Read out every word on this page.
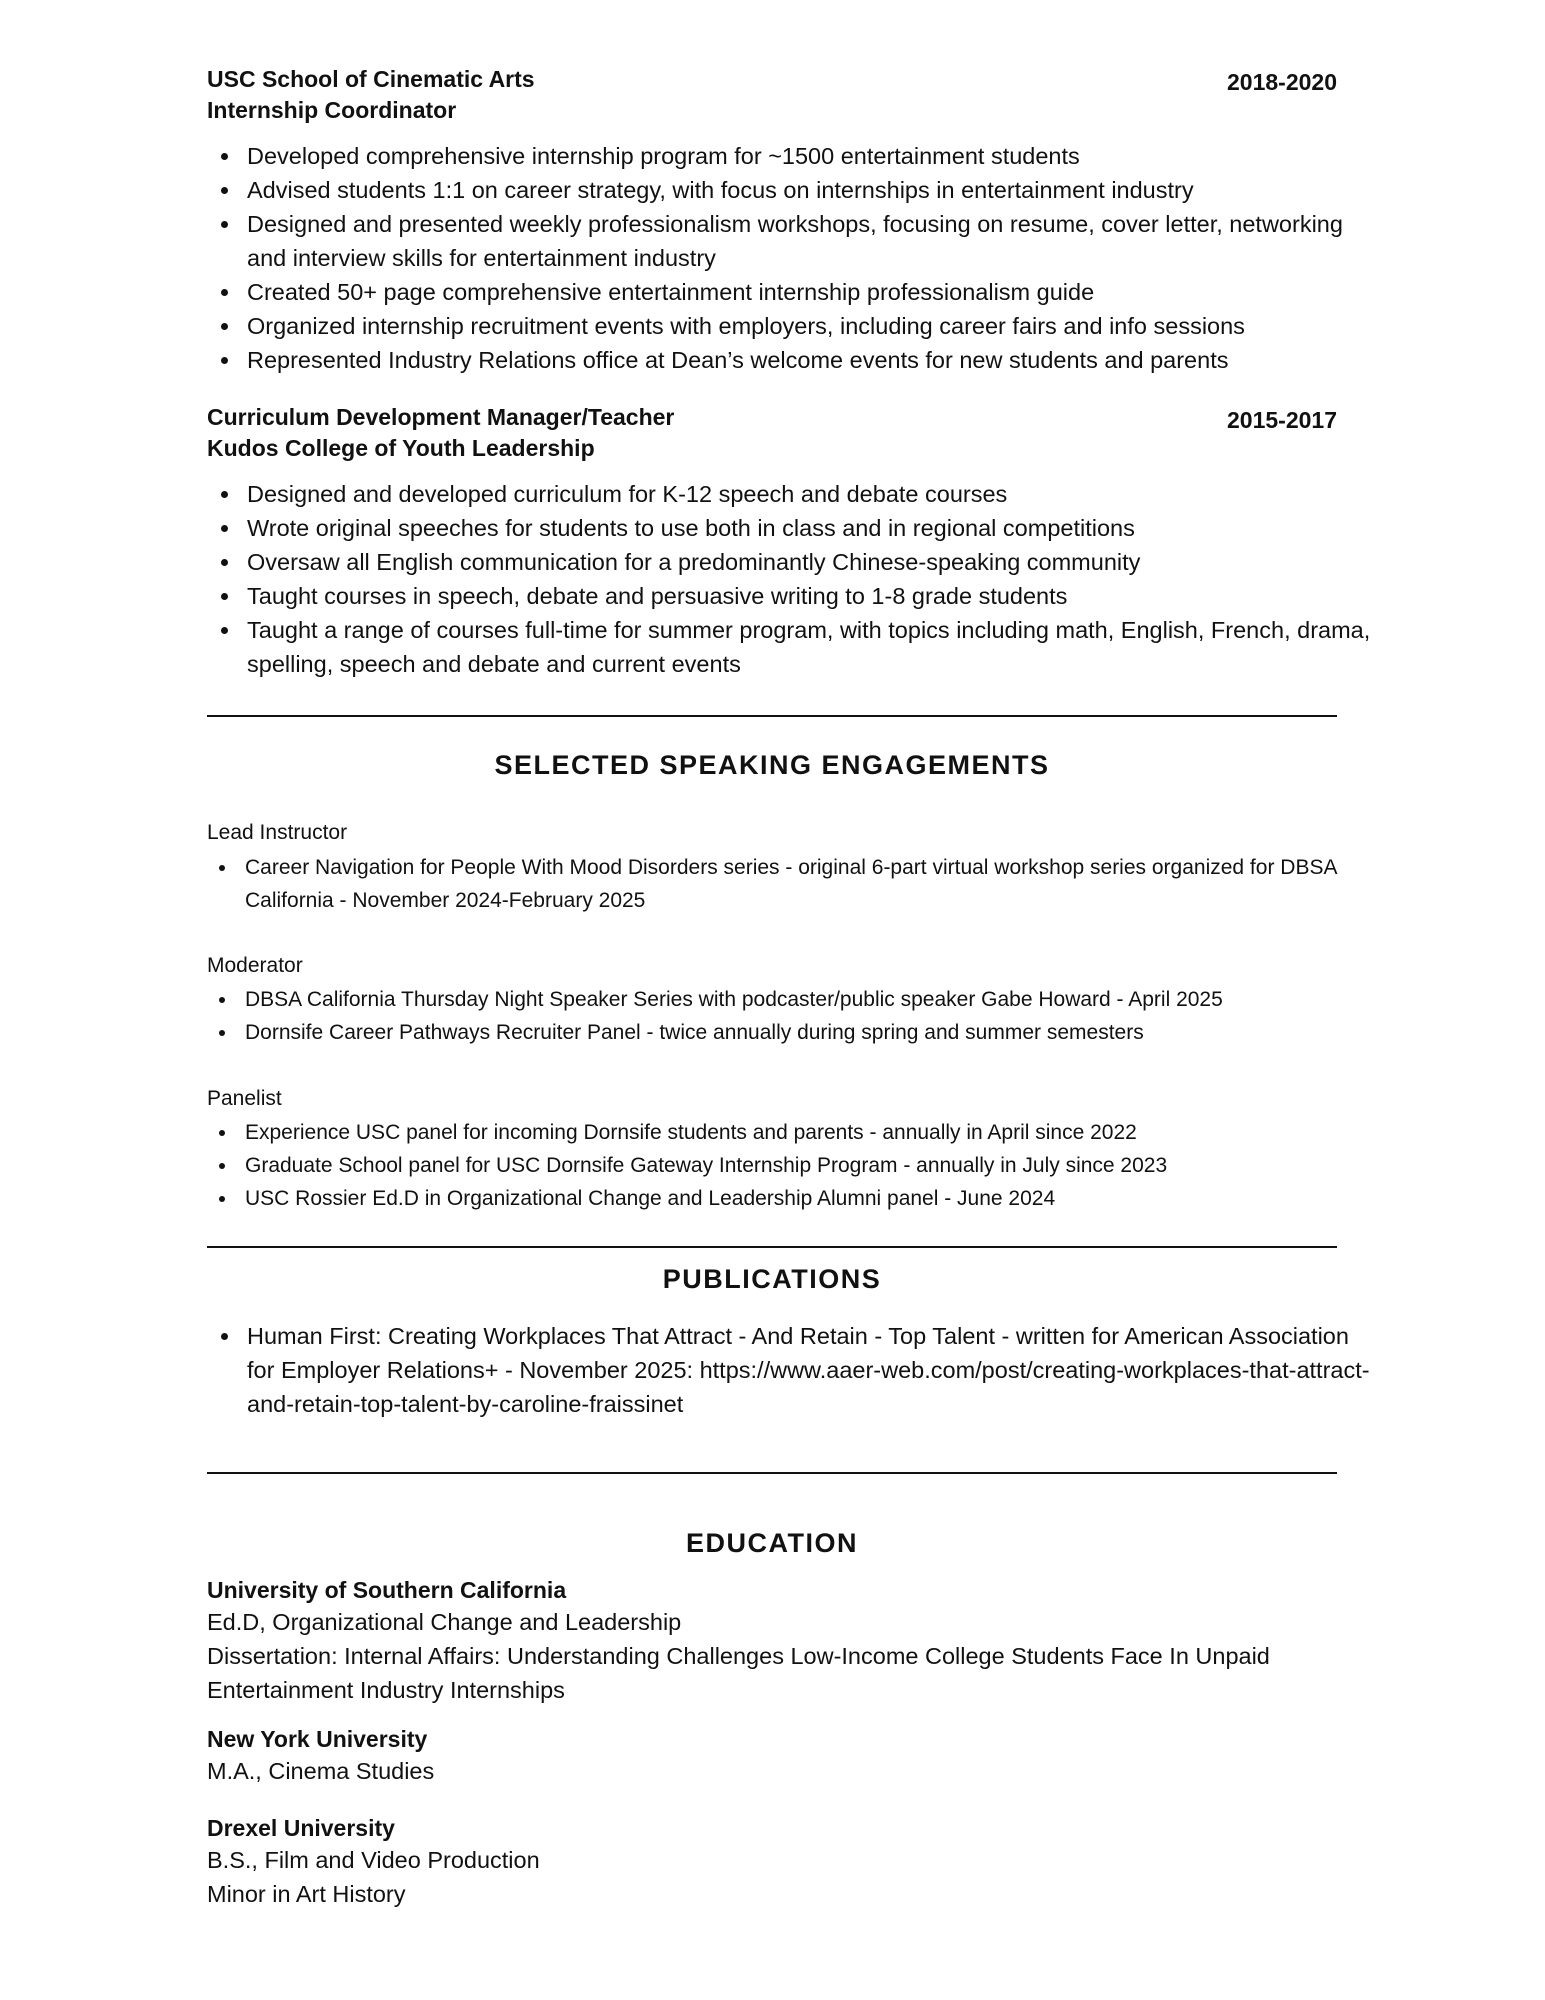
USC School of Cinematic Arts
Internship Coordinator
2018-2020
Developed comprehensive internship program for ~1500 entertainment students
Advised students 1:1 on career strategy, with focus on internships in entertainment industry
Designed and presented weekly professionalism workshops, focusing on resume, cover letter, networking and interview skills for entertainment industry
Created 50+ page comprehensive entertainment internship professionalism guide
Organized internship recruitment events with employers, including career fairs and info sessions
Represented Industry Relations office at Dean’s welcome events for new students and parents
Curriculum Development Manager/Teacher
Kudos College of Youth Leadership
2015-2017
Designed and developed curriculum for K-12 speech and debate courses
Wrote original speeches for students to use both in class and in regional competitions
Oversaw all English communication for a predominantly Chinese-speaking community
Taught courses in speech, debate and persuasive writing to 1-8 grade students
Taught a range of courses full-time for summer program, with topics including math, English, French, drama, spelling, speech and debate and current events
SELECTED SPEAKING ENGAGEMENTS
Lead Instructor
Career Navigation for People With Mood Disorders series - original 6-part virtual workshop series organized for DBSA California - November 2024-February 2025
Moderator
DBSA California Thursday Night Speaker Series with podcaster/public speaker Gabe Howard - April 2025
Dornsife Career Pathways Recruiter Panel - twice annually during spring and summer semesters
Panelist
Experience USC panel for incoming Dornsife students and parents - annually in April since 2022
Graduate School panel for USC Dornsife Gateway Internship Program - annually in July since 2023
USC Rossier Ed.D in Organizational Change and Leadership Alumni panel - June 2024
PUBLICATIONS
Human First: Creating Workplaces That Attract - And Retain - Top Talent - written for American Association for Employer Relations+ - November 2025: https://www.aaer-web.com/post/creating-workplaces-that-attract-and-retain-top-talent-by-caroline-fraissinet
EDUCATION
University of Southern California
Ed.D, Organizational Change and Leadership
Dissertation: Internal Affairs: Understanding Challenges Low-Income College Students Face In Unpaid Entertainment Industry Internships
New York University
M.A., Cinema Studies
Drexel University
B.S., Film and Video Production
Minor in Art History
